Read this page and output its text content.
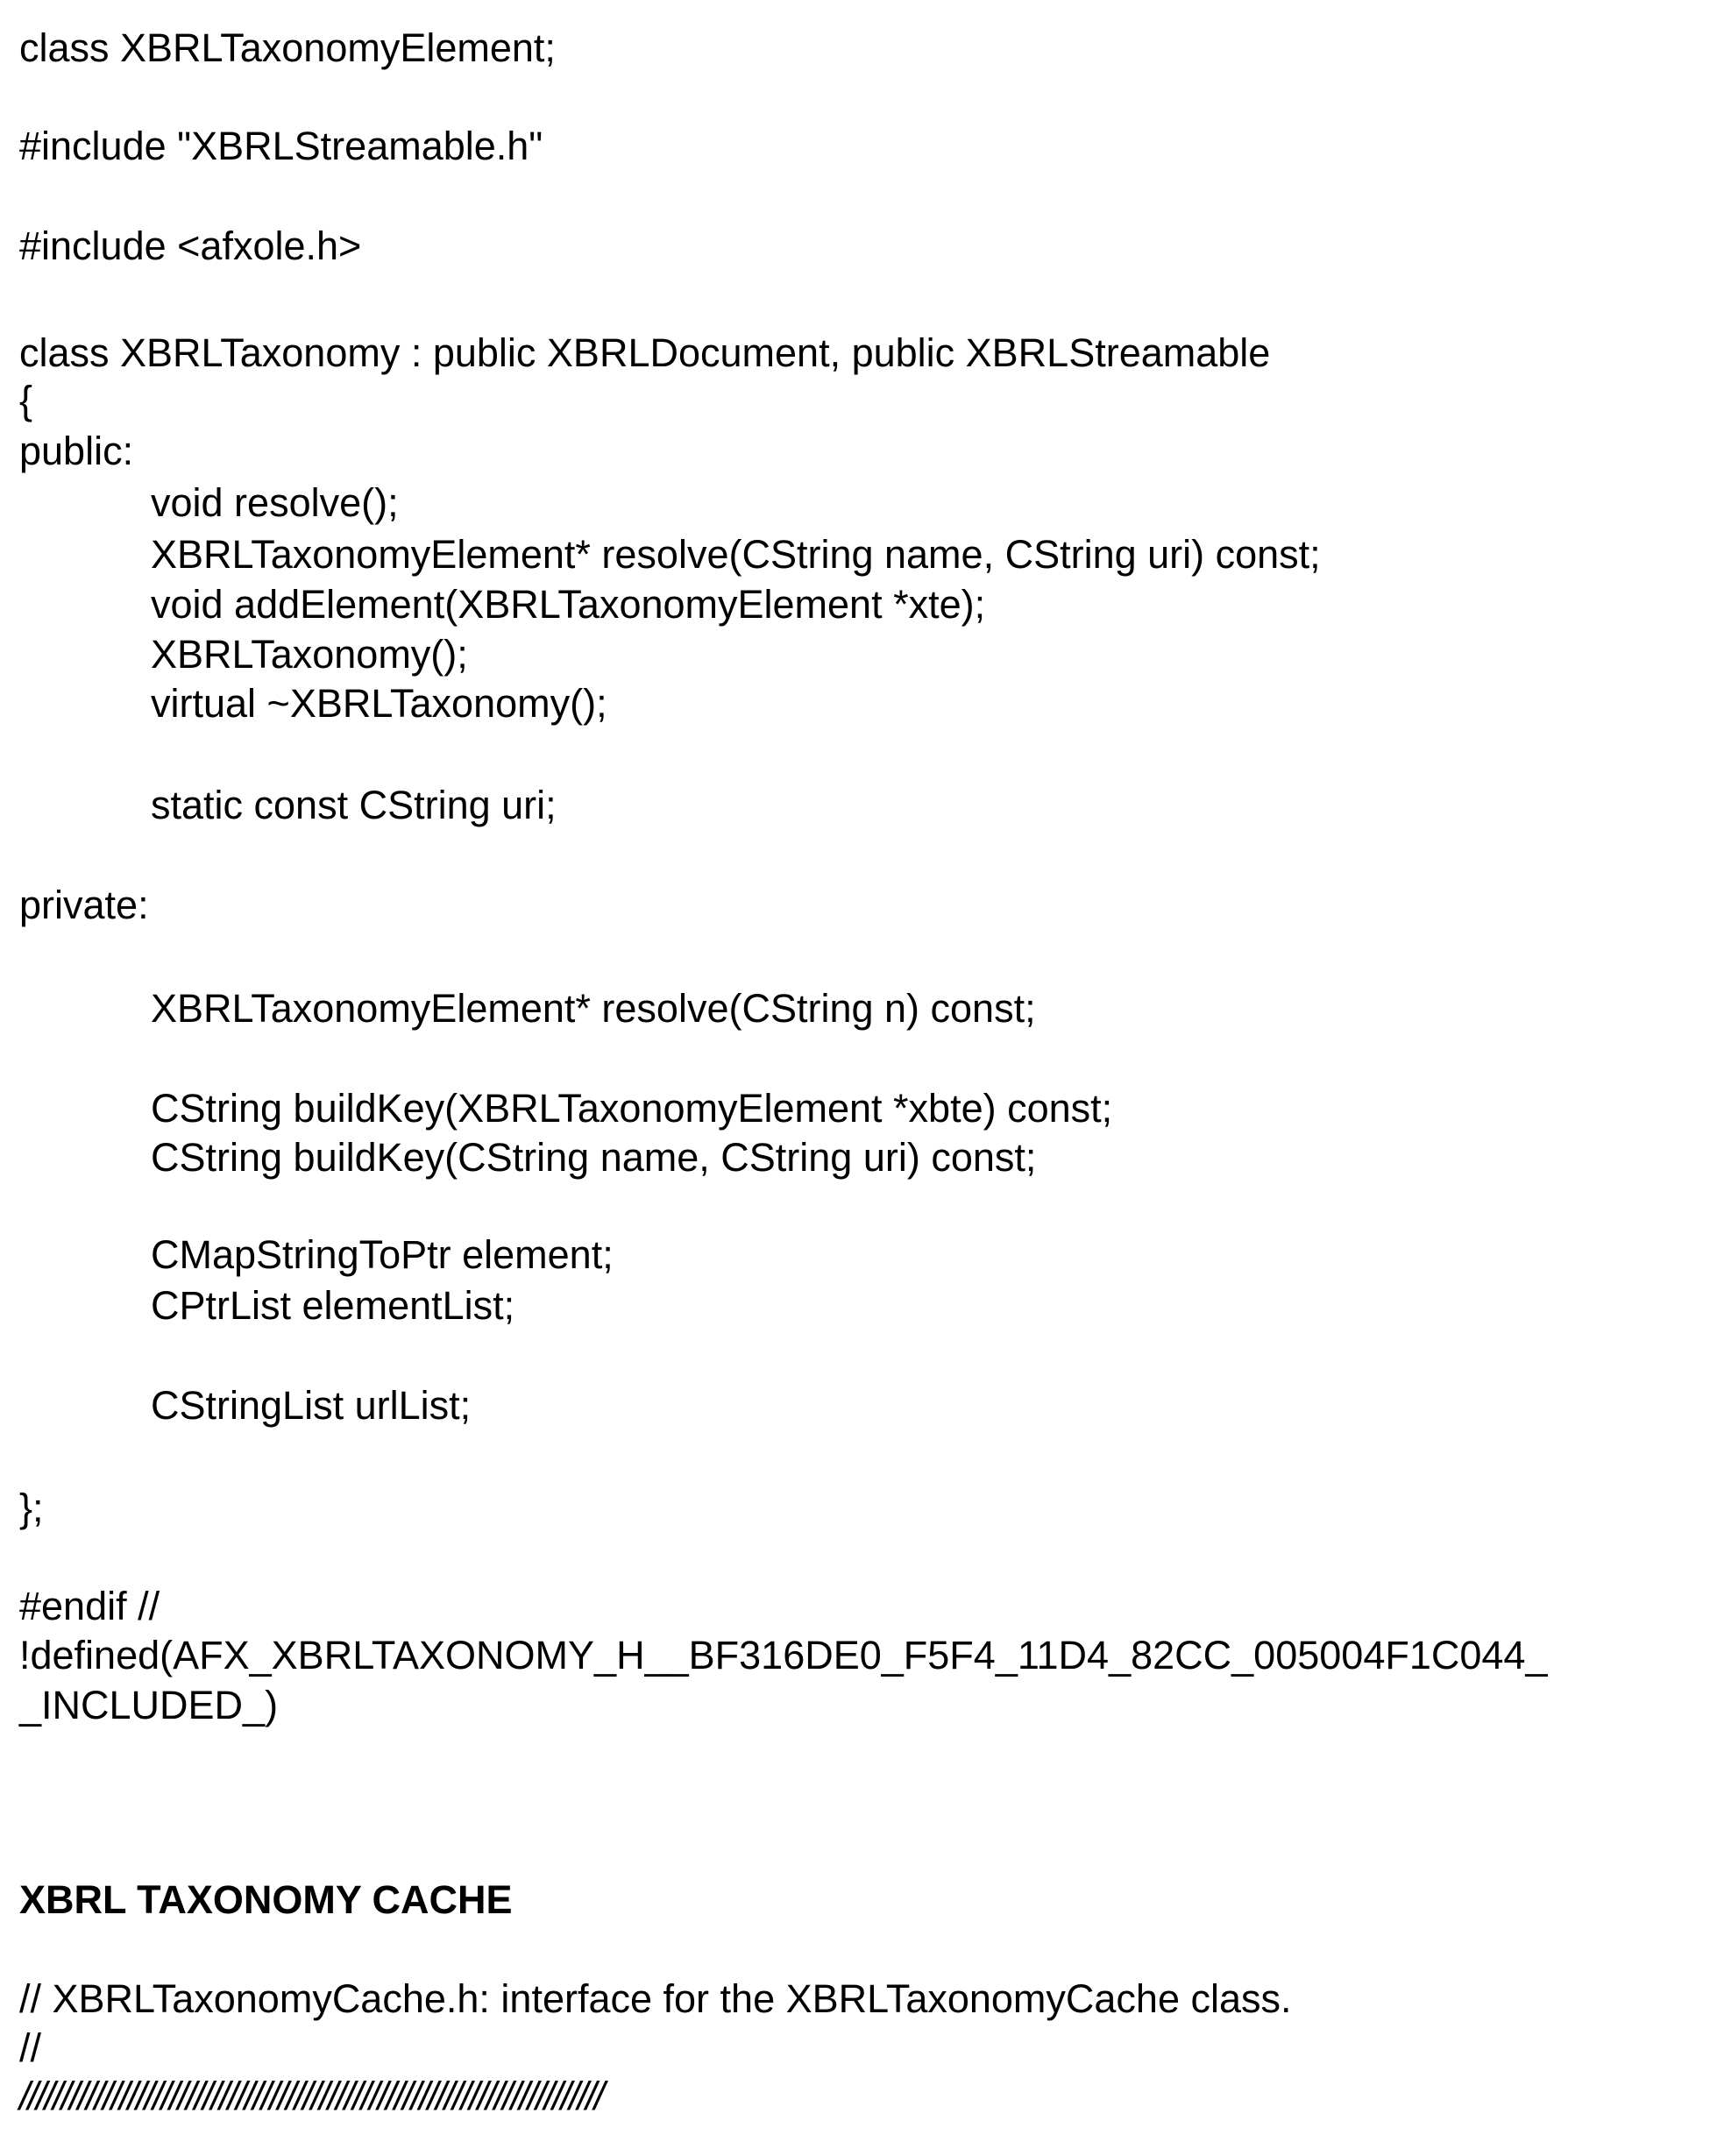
class XBRLTaxonomyElement;
#include "XBRLStreamable.h"
#include <afxole.h>
class XBRLTaxonomy : public XBRLDocument, public XBRLStreamable
{
public:
void resolve();
XBRLTaxonomyElement* resolve(CString name, CString uri) const;
void addElement(XBRLTaxonomyElement *xte);
XBRLTaxonomy();
virtual ~XBRLTaxonomy();
static const CString uri;
private:
XBRLTaxonomyElement* resolve(CString n) const;
CString buildKey(XBRLTaxonomyElement *xbte) const;
CString buildKey(CString name, CString uri) const;
CMapStringToPtr element;
CPtrList elementList;
CStringList urlList;
};
#endif //
!defined(AFX_XBRLTAXONOMY_H__BF316DE0_F5F4_11D4_82CC_005004F1C044_
_INCLUDED_)
XBRL TAXONOMY CACHE
// XBRLTaxonomyCache.h: interface for the XBRLTaxonomyCache class.
//
//////////////////////////////////////////////////////////////////////
